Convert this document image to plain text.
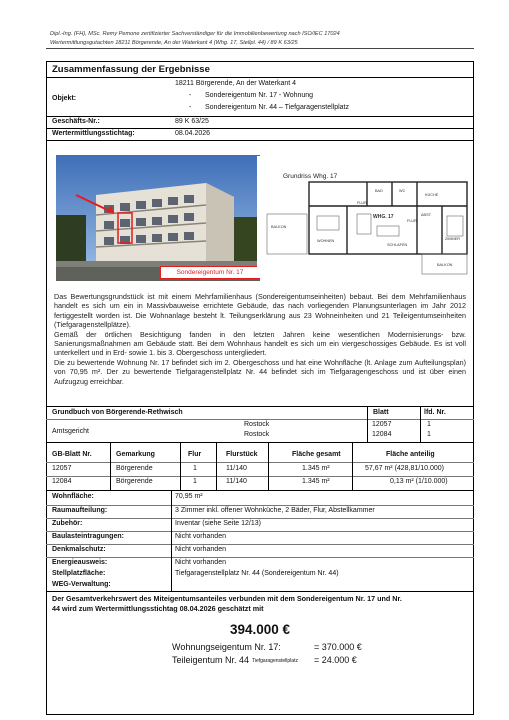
Dipl.-Ing. (FH), MSc. Remy Pemone zertifizierter Sachverständiger für die Immobilienbewertung nach ISO/IEC 17024
Wertermittlungsgutachten 18211 Börgerende, An der Waterkant 4 (Whg. 17, Stellpl. 44) / 89 K 63/25
Zusammenfassung der Ergebnisse
Objekt:
18211 Börgerende, An der Waterkant 4
- Sondereigentum Nr. 17 - Wohnung
- Sondereigentum Nr. 44 – Tiefgaragenstellplatz
Geschäfts-Nr.:	89 K 63/25
Wertermittlungsstichtag:	08.04.2026
Sondereigentum Nr. 17
Grundriss Whg. 17
BAD
FLUR
WC
KÜCHE
WOHNEN
WHG. 17
SCHLAFEN
ZIMMER
ABST.
FLUR
BALKON
BALKON

Das Bewertungsgrundstück ist mit einem Mehrfamilienhaus (Sondereigentumseinheiten) bebaut. Bei dem Mehrfamilienhaus handelt es sich um ein in Massivbauweise errichtete Gebäude, das nach vorliegenden Planungsunterlagen im Jahr 2012 fertiggestellt worden ist. Die Wohnanlage besteht lt. Teilungserklärung aus 23 Wohneinheiten und 21 Teileigentumseinheiten (Tiefgaragenstellplätze).

Gemäß der örtlichen Besichtigung fanden in den letzten Jahren keine wesentlichen Modernisierungs- bzw. Sanierungsmaßnahmen am Gebäude statt. Bei dem Wohnhaus handelt es sich um ein viergeschossiges Gebäude. Es ist voll unterkellert und in Erd- sowie 1. bis 3. Obergeschoss untergliedert.

Die zu bewertende Wohnung Nr. 17 befindet sich im 2. Obergeschoss und hat eine Wohnfläche (lt. Anlage zum Aufteilungsplan) von 70,95 m². Der zu bewertende Tiefgaragenstellplatz Nr. 44 befindet sich im Tiefgaragengeschoss und ist über einen Aufzugzug erreichbar.

Grundbuch von Börgerende-Rethwisch	Blatt	lfd. Nr.
Amtsgericht
Rostock	12057	1
Rostock	12084	1
GB-Blatt Nr.	Gemarkung	Flur	Flurstück	Fläche gesamt	Fläche anteilig
12057	Börgerende	1	11/140	1.345 m²	57,67 m² (428,81/10.000)
12084	Börgerende	1	11/140	1.345 m²	0,13 m² (1/10.000)
Wohnfläche:	70,95 m²
Raumaufteilung:	3 Zimmer inkl. offener Wohnküche, 2 Bäder, Flur, Abstellkammer
Zubehör:	Inventar (siehe Seite 12/13)
Baulasteintragungen:	Nicht vorhanden
Denkmalschutz:	Nicht vorhanden
Energieausweis:	Nicht vorhanden
Stellplatzfläche:	Tiefgaragenstellplatz Nr. 44 (Sondereigentum Nr. 44)
WEG-Verwaltung:
Der Gesamtverkehrswert des Miteigentumsanteiles verbunden mit dem Sondereigentum Nr. 17 und Nr.
44 wird zum Wertermittlungsstichtag 08.04.2026 geschätzt mit
394.000 €
Wohnungseigentum Nr. 17:	= 370.000 €
Teileigentum Nr. 44 Tiefgaragenstellplatz = 24.000 €
